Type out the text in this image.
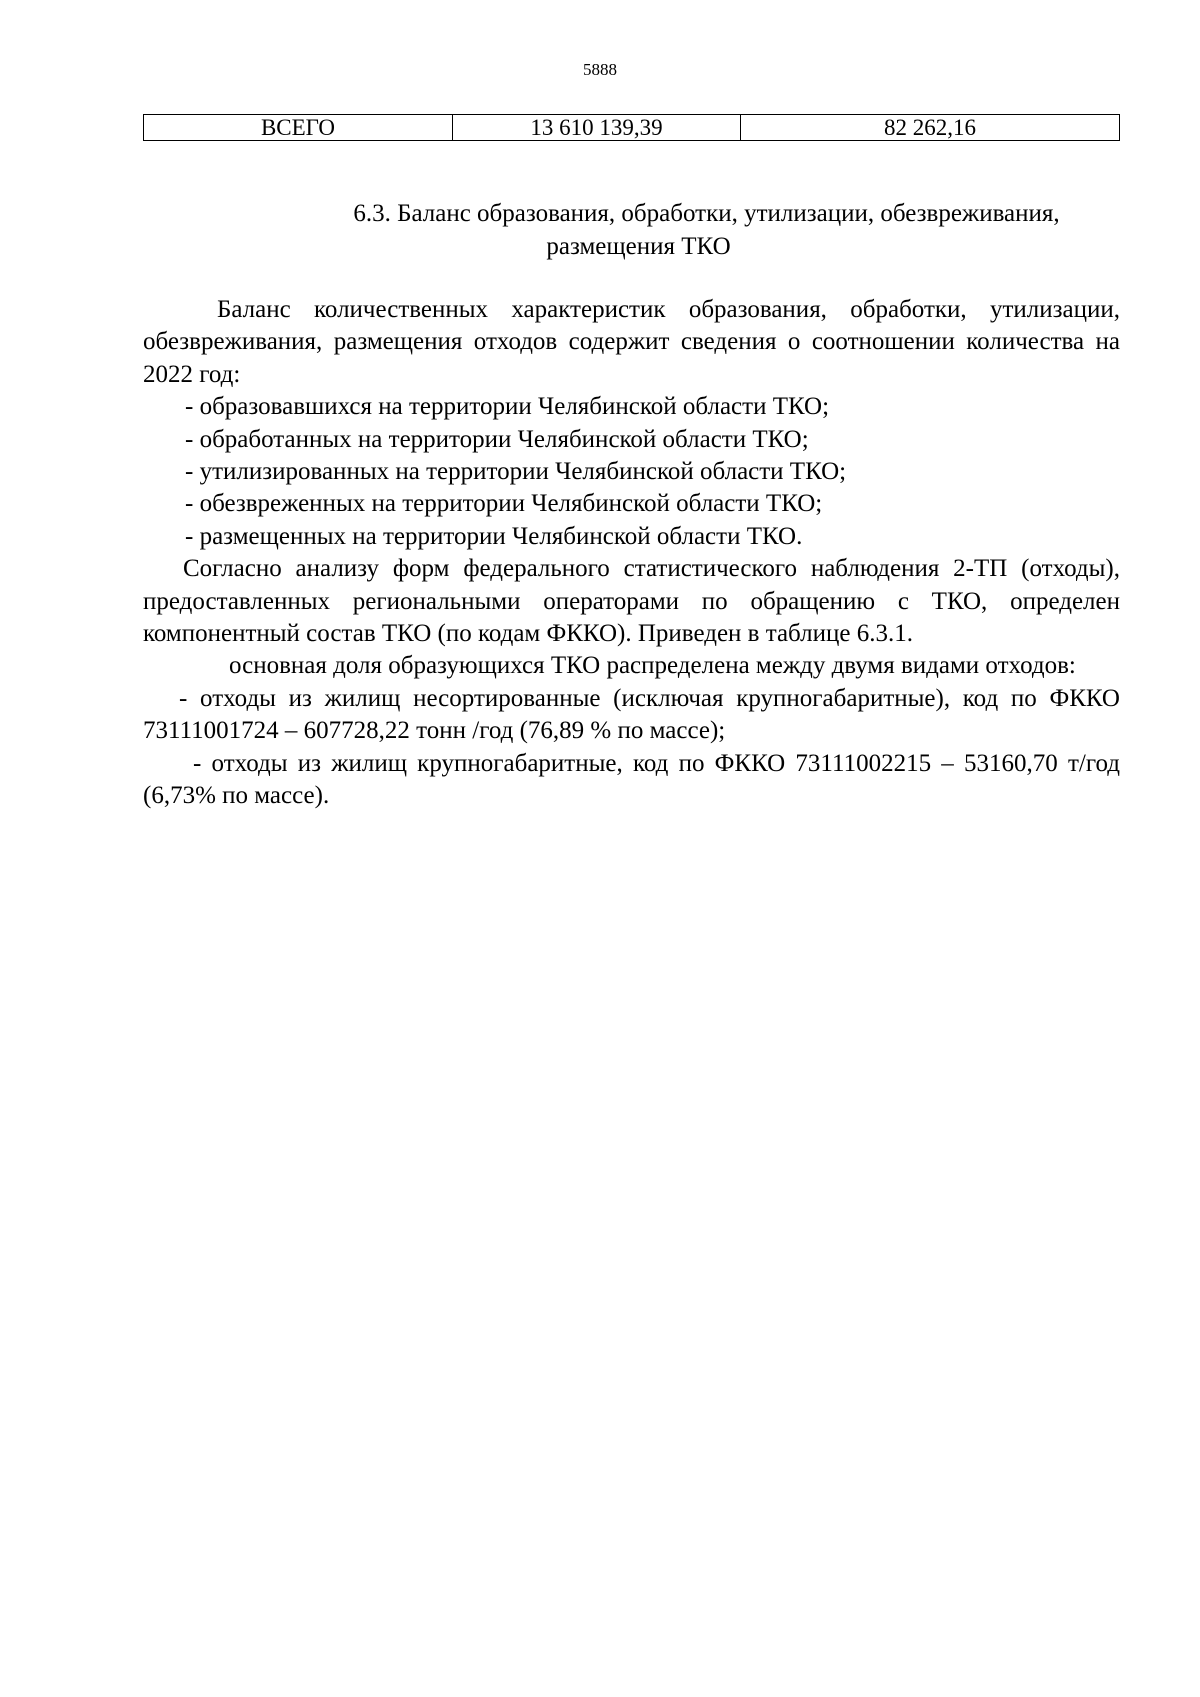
5888
ВСЕГО	13 610 139,39	82 262,16
6.3. Баланс образования, обработки, утилизации, обезвреживания,
размещения ТКО

Баланс количественных характеристик образования, обработки, утилизации, обезвреживания, размещения отходов содержит сведения о соотношении количества на 2022 год:

- образовавшихся на территории Челябинской области ТКО;

- обработанных на территории Челябинской области ТКО;

- утилизированных на территории Челябинской области ТКО;

- обезвреженных на территории Челябинской области ТКО;

- размещенных на территории Челябинской области ТКО.

Согласно анализу форм федерального статистического наблюдения 2-ТП (отходы), предоставленных региональными операторами по обращению с ТКО, определен компонентный состав ТКО (по кодам ФККО). Приведен в таблице 6.3.1.

основная доля образующихся ТКО распределена между двумя видами отходов:

- отходы из жилищ несортированные (исключая крупногабаритные), код по ФККО 73111001724 – 607728,22 тонн /год (76,89 % по массе);

- отходы из жилищ крупногабаритные, код по ФККО 73111002215 – 53160,70 т/год (6,73% по массе).
